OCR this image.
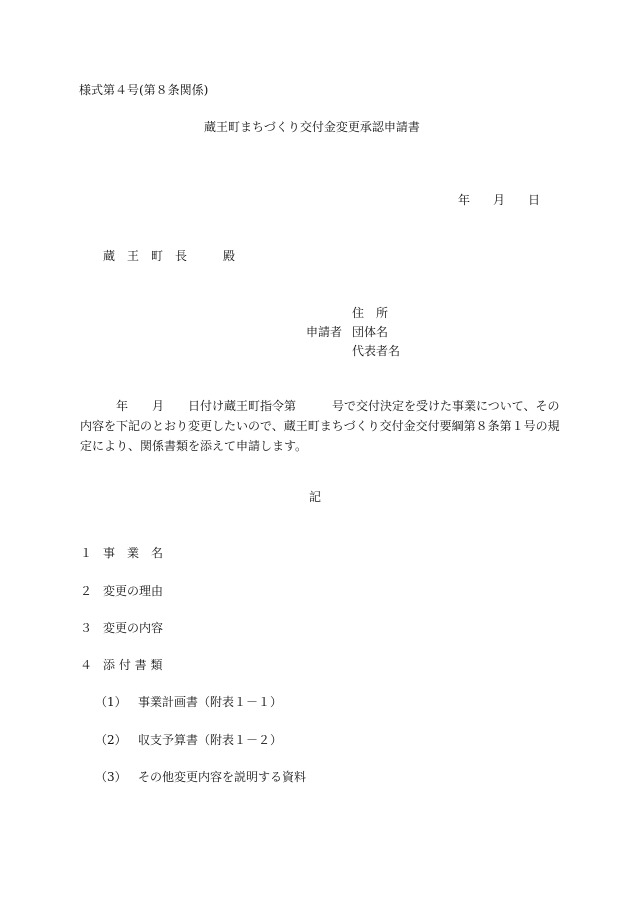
様式第４号(第８条関係)
蔵王町まちづくり交付金変更承認申請書
年 月 日
蔵　王　町　長　　　殿
住　所
申請者 団体名
代表者名
　　　年　　月　　日付け蔵王町指令第　　　号で交付決定を受けた事業について、その
内容を下記のとおり変更したいので、蔵王町まちづくり交付金交付要綱第８条第１号の規
定により、関係書類を添えて申請します。
記
１ 事　業　名
２ 変更の理由
３ 変更の内容
４ 添 付 書 類
（1） 事業計画書（附表１－１）
（2） 収支予算書（附表１－２）
（3） その他変更内容を説明する資料
